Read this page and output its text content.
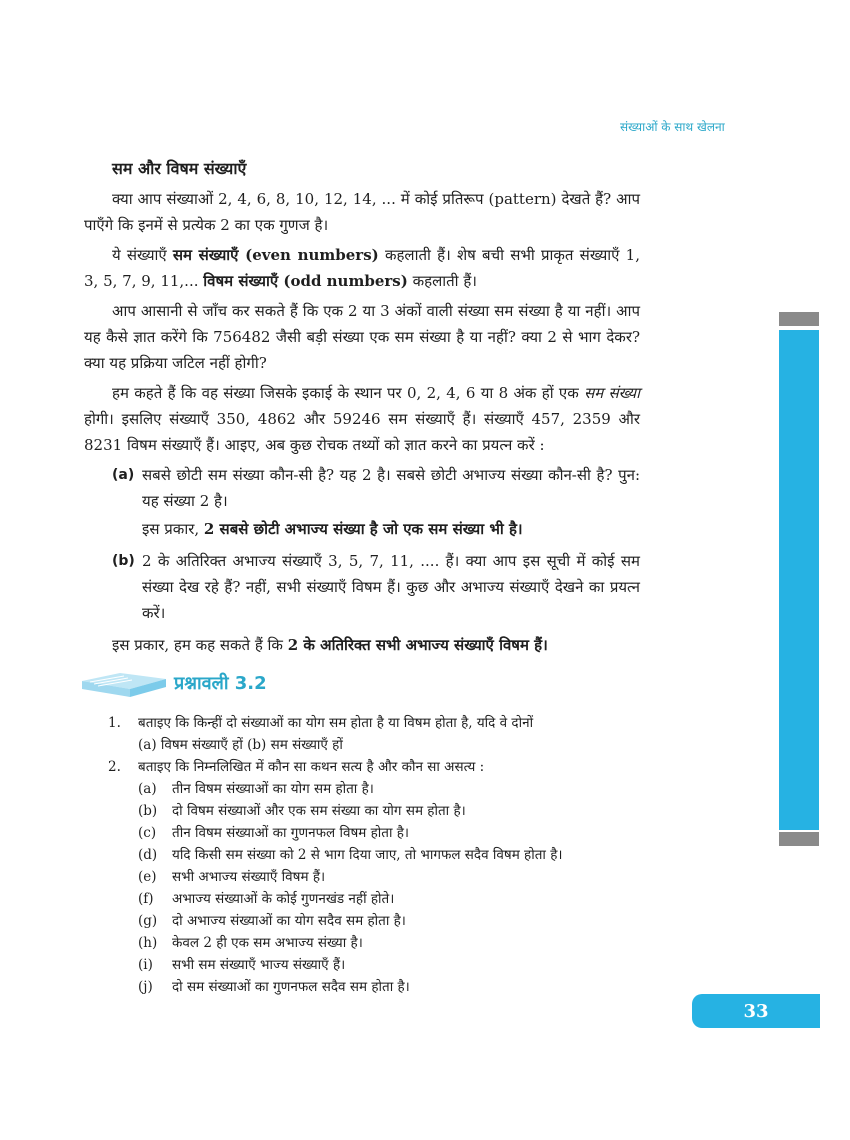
संख्याओं के साथ खेलना
सम और विषम संख्याएँ

क्या आप संख्याओं 2, 4, 6, 8, 10, 12, 14, ... में कोई प्रतिरूप (pattern) देखते हैं? आप पाएँगे कि इनमें से प्रत्येक 2 का एक गुणज है।

ये संख्याएँ सम संख्याएँ (even numbers) कहलाती हैं। शेष बची सभी प्राकृत संख्याएँ 1, 3, 5, 7, 9, 11,... विषम संख्याएँ (odd numbers) कहलाती हैं।

आप आसानी से जाँच कर सकते हैं कि एक 2 या 3 अंकों वाली संख्या सम संख्या है या नहीं। आप यह कैसे ज्ञात करेंगे कि 756482 जैसी बड़ी संख्या एक सम संख्या है या नहीं? क्या 2 से भाग देकर? क्या यह प्रक्रिया जटिल नहीं होगी?

हम कहते हैं कि वह संख्या जिसके इकाई के स्थान पर 0, 2, 4, 6 या 8 अंक हों एक सम संख्या होगी। इसलिए संख्याएँ 350, 4862 और 59246 सम संख्याएँ हैं। संख्याएँ 457, 2359 और 8231 विषम संख्याएँ हैं। आइए, अब कुछ रोचक तथ्यों को ज्ञात करने का प्रयत्न करें :

(a) सबसे छोटी सम संख्या कौन-सी है? यह 2 है। सबसे छोटी अभाज्य संख्या कौन-सी है? पुन: यह संख्या 2 है।
इस प्रकार, 2 सबसे छोटी अभाज्य संख्या है जो एक सम संख्या भी है।
(b) 2 के अतिरिक्त अभाज्य संख्याएँ 3, 5, 7, 11, .... हैं। क्या आप इस सूची में कोई सम संख्या देख रहे हैं? नहीं, सभी संख्याएँ विषम हैं। कुछ और अभाज्य संख्याएँ देखने का प्रयत्न करें।

इस प्रकार, हम कह सकते हैं कि 2 के अतिरिक्त सभी अभाज्य संख्याएँ विषम हैं।

प्रश्नावली 3.2
1.	बताइए कि किन्हीं दो संख्याओं का योग सम होता है या विषम होता है, यदि वे दोनों
(a) विषम संख्याएँ हों (b) सम संख्याएँ हों
2.	बताइए कि निम्नलिखित में कौन सा कथन सत्य है और कौन सा असत्य :
(a)	तीन विषम संख्याओं का योग सम होता है।
(b)	दो विषम संख्याओं और एक सम संख्या का योग सम होता है।
(c)	तीन विषम संख्याओं का गुणनफल विषम होता है।
(d)	यदि किसी सम संख्या को 2 से भाग दिया जाए, तो भागफल सदैव विषम होता है।
(e)	सभी अभाज्य संख्याएँ विषम हैं।
(f)	अभाज्य संख्याओं के कोई गुणनखंड नहीं होते।
(g)	दो अभाज्य संख्याओं का योग सदैव सम होता है।
(h)	केवल 2 ही एक सम अभाज्य संख्या है।
(i)	सभी सम संख्याएँ भाज्य संख्याएँ हैं।
(j)	दो सम संख्याओं का गुणनफल सदैव सम होता है।
33
